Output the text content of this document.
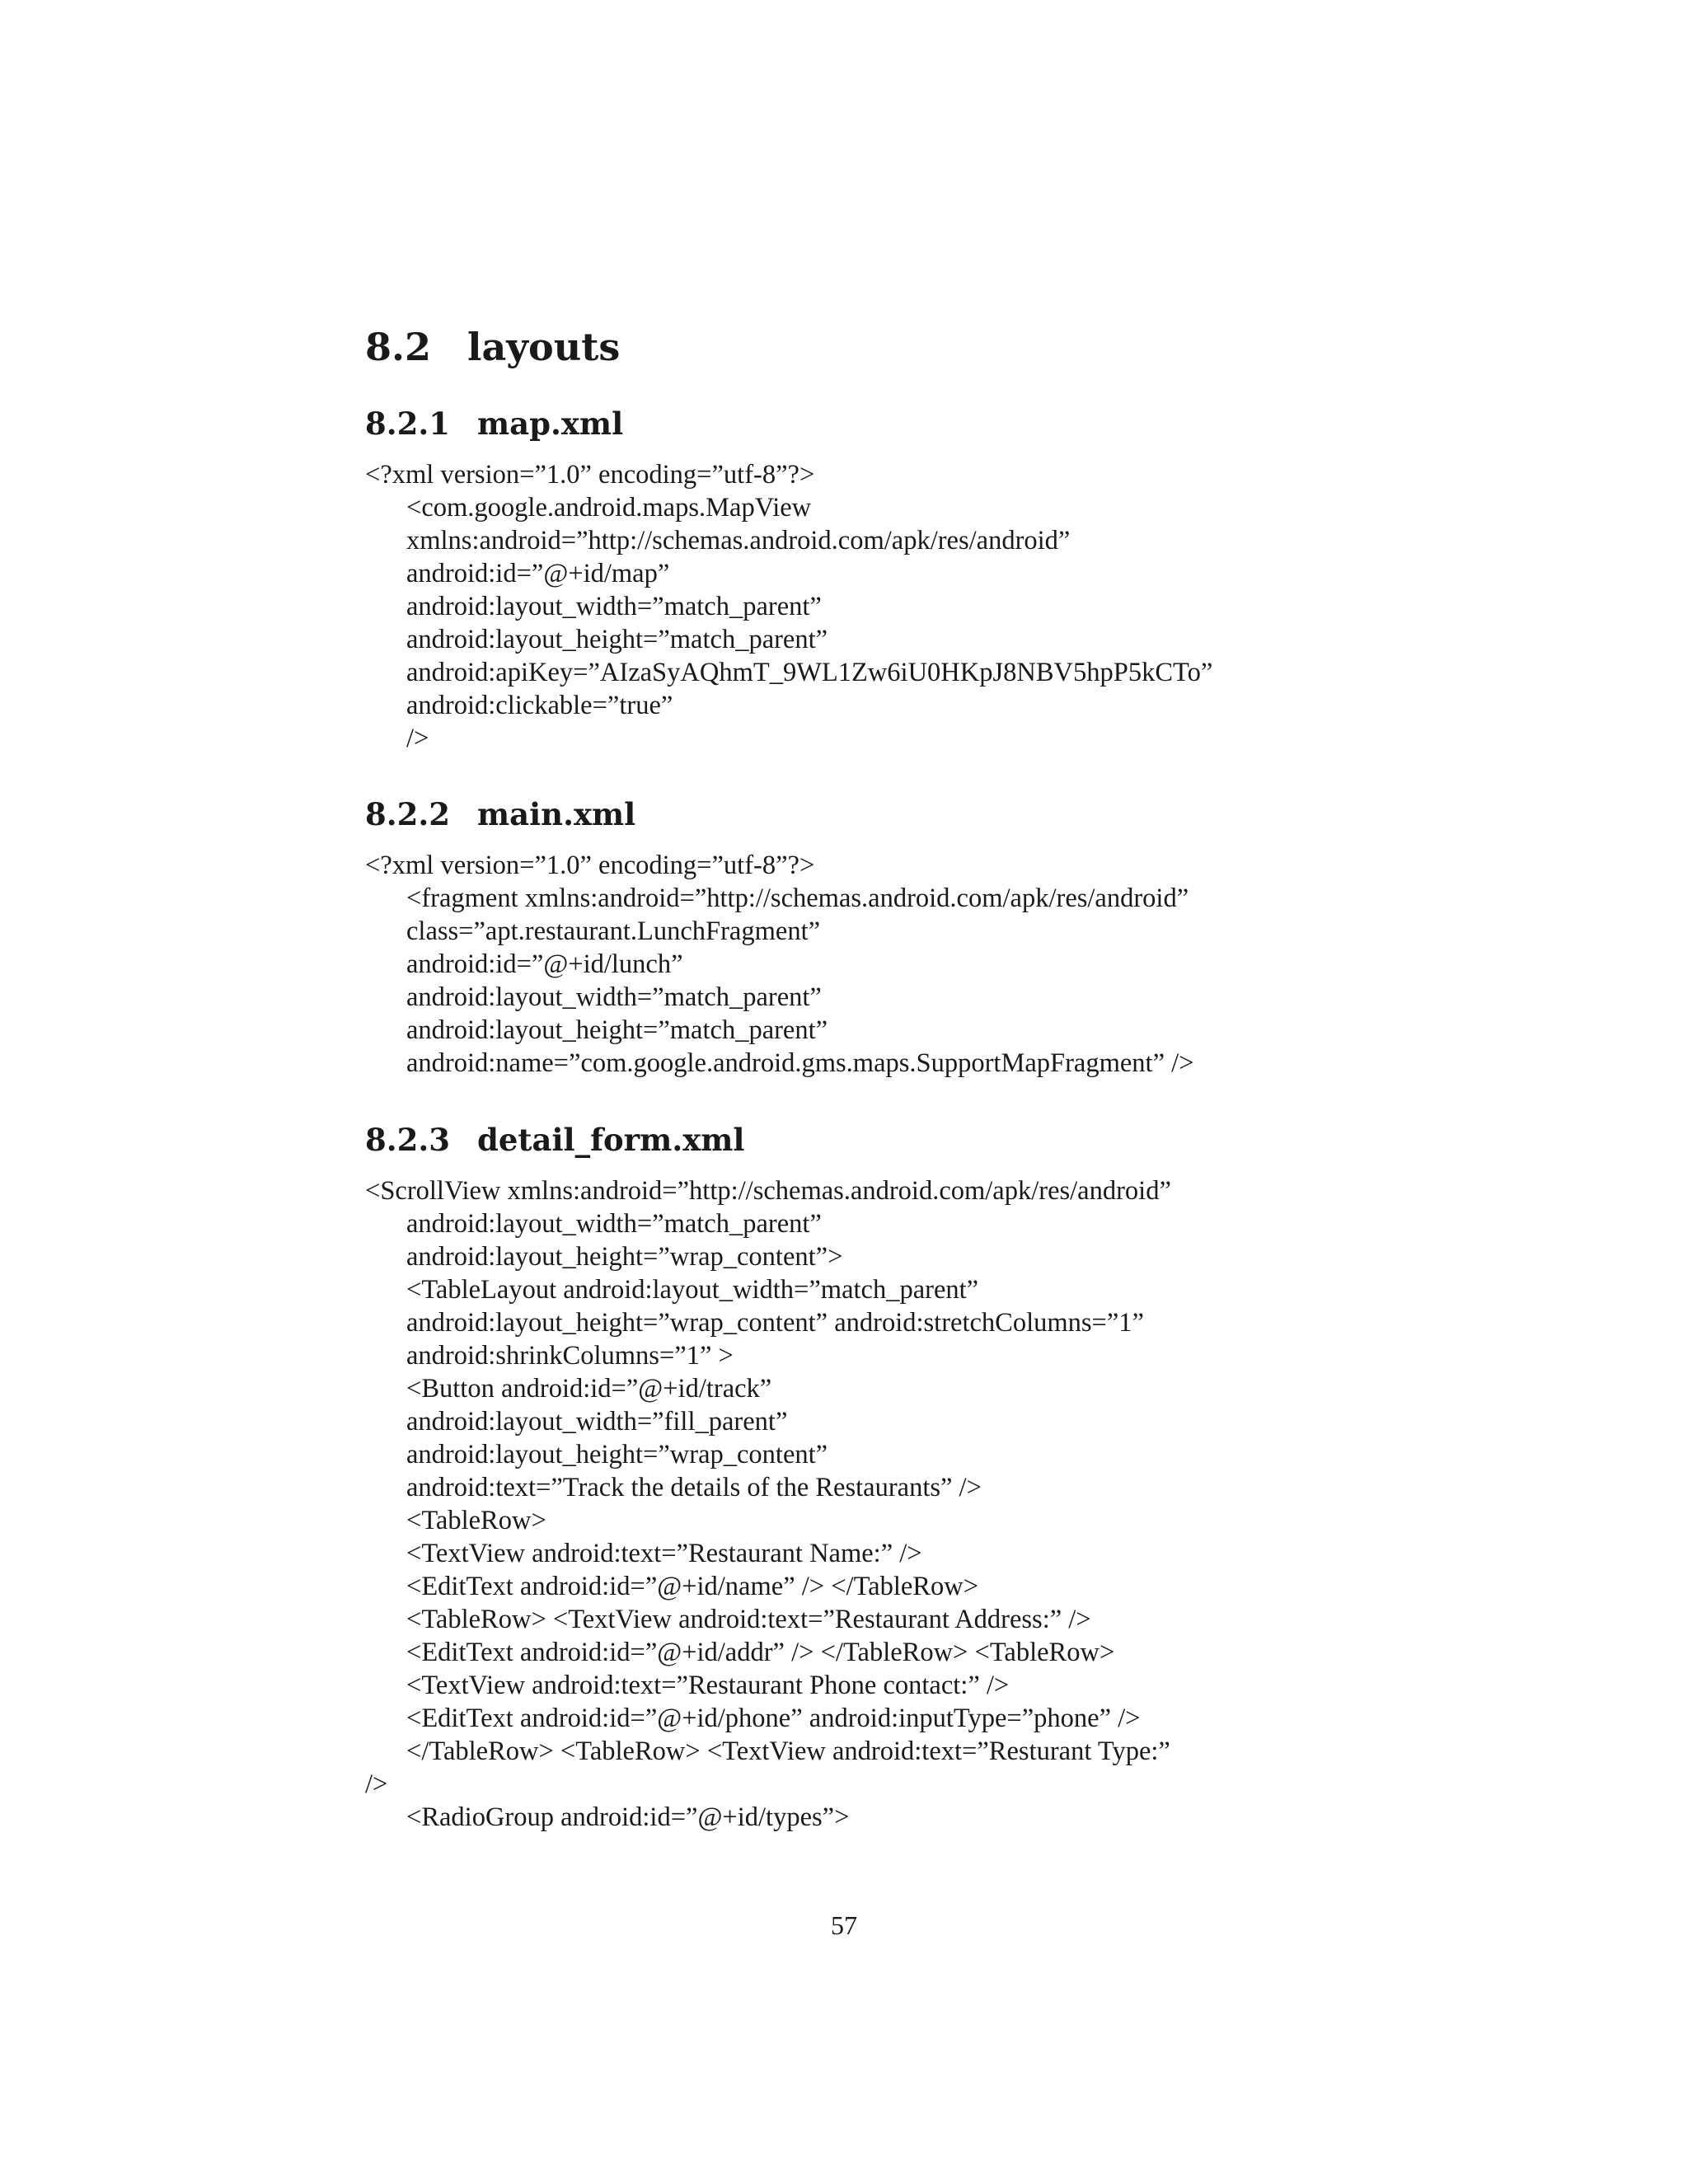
8.2 layouts
8.2.1 map.xml
<?xml version=”1.0” encoding=”utf-8”?>
<com.google.android.maps.MapView
xmlns:android=”http://schemas.android.com/apk/res/android”
android:id=”@+id/map”
android:layout_width=”match_parent”
android:layout_height=”match_parent”
android:apiKey=”AIzaSyAQhmT_9WL1Zw6iU0HKpJ8NBV5hpP5kCTo”
android:clickable=”true”
/>
8.2.2 main.xml
<?xml version=”1.0” encoding=”utf-8”?>
<fragment xmlns:android=”http://schemas.android.com/apk/res/android”
class=”apt.restaurant.LunchFragment”
android:id=”@+id/lunch”
android:layout_width=”match_parent”
android:layout_height=”match_parent”
android:name=”com.google.android.gms.maps.SupportMapFragment” />
8.2.3 detail_form.xml
<ScrollView xmlns:android=”http://schemas.android.com/apk/res/android”
android:layout_width=”match_parent”
android:layout_height=”wrap_content”>
<TableLayout android:layout_width=”match_parent”
android:layout_height=”wrap_content” android:stretchColumns=”1”
android:shrinkColumns=”1” >
<Button android:id=”@+id/track”
android:layout_width=”fill_parent”
android:layout_height=”wrap_content”
android:text=”Track the details of the Restaurants” />
<TableRow>
<TextView android:text=”Restaurant Name:” />
<EditText android:id=”@+id/name” /> </TableRow>
<TableRow> <TextView android:text=”Restaurant Address:” />
<EditText android:id=”@+id/addr” /> </TableRow> <TableRow>
<TextView android:text=”Restaurant Phone contact:” />
<EditText android:id=”@+id/phone” android:inputType=”phone” />
</TableRow> <TableRow> <TextView android:text=”Resturant Type:”
/>
<RadioGroup android:id=”@+id/types”>
57
